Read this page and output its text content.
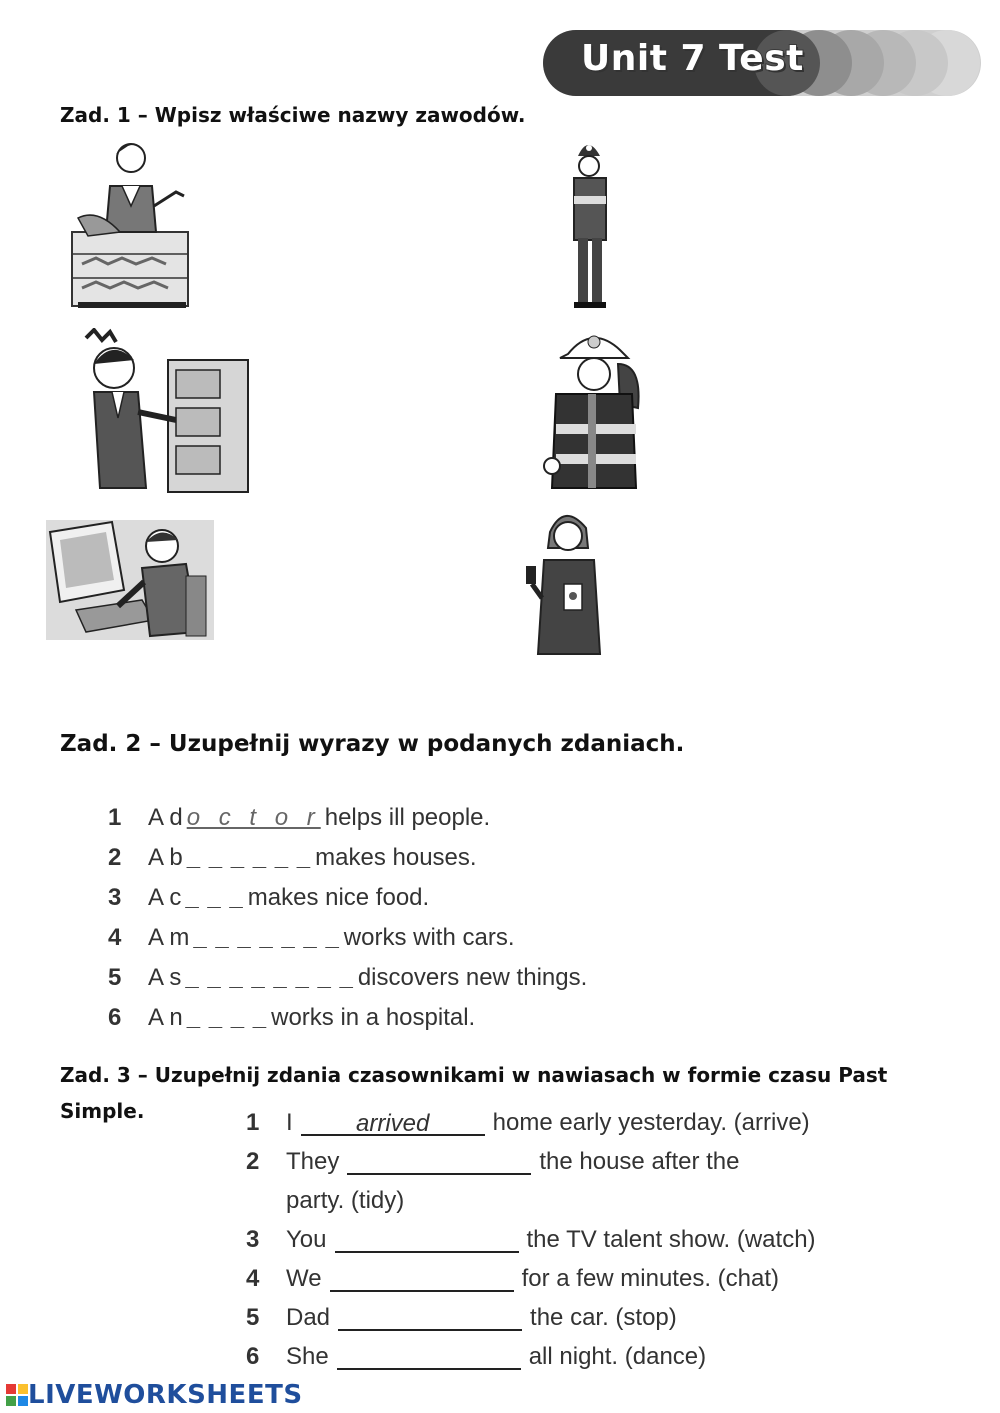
Unit 7 Test
Zad. 1 – Wpisz właściwe nazwy zawodów.
Zad. 2 – Uzupełnij wyrazy w podanych zdaniach.
1	A d o c t o r helps ill people.
2	A b _ _ _ _ _ _ makes houses.
3	A c _ _ _ makes nice food.
4	A m _ _ _ _ _ _ _ works with cars.
5	A s _ _ _ _ _ _ _ _ discovers new things.
6	A n _ _ _ _ works in a hospital.
Zad. 3 – Uzupełnij zdania czasownikami w nawiasach w formie czasu Past Simple.	1	I	arrived	home early yesterday. (arrive)
2	They	the house after the
party. (tidy)
3	You	the TV talent show. (watch)
4	We	for a few minutes. (chat)
5	Dad	the car. (stop)
6	She	all night. (dance)
LIVEWORKSHEETS
